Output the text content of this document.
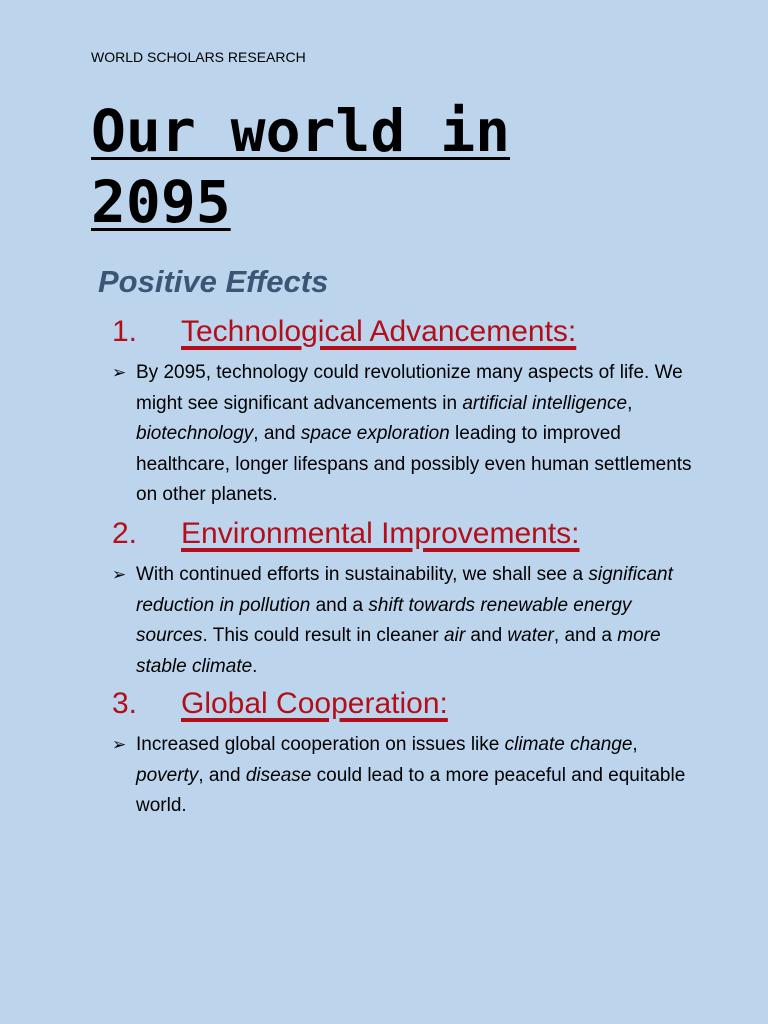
WORLD SCHOLARS RESEARCH
Our world in
2095
Positive Effects
1. Technological Advancements:
➢ By 2095, technology could revolutionize many aspects of life. We might see significant advancements in artificial intelligence, biotechnology, and space exploration leading to improved healthcare, longer lifespans and possibly even human settlements on other planets.
2. Environmental Improvements:
➢ With continued efforts in sustainability, we shall see a significant reduction in pollution and a shift towards renewable energy sources. This could result in cleaner air and water, and a more stable climate.
3. Global Cooperation:
➢ Increased global cooperation on issues like climate change, poverty, and disease could lead to a more peaceful and equitable world.
